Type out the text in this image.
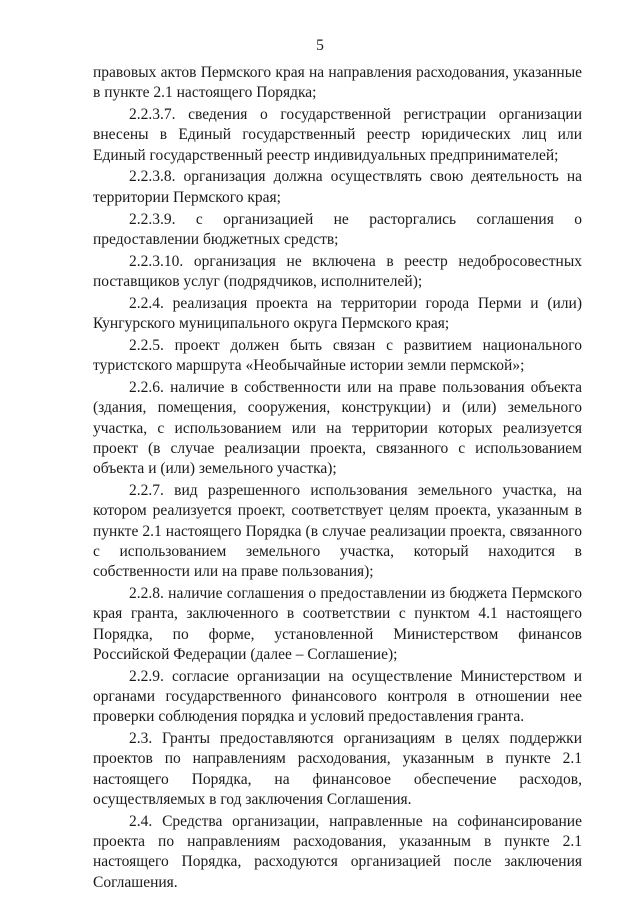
5

правовых актов Пермского края на направления расходования, указанные в пункте 2.1 настоящего Порядка;

2.2.3.7. сведения о государственной регистрации организации внесены в Единый государственный реестр юридических лиц или Единый государственный реестр индивидуальных предпринимателей;

2.2.3.8. организация должна осуществлять свою деятельность на территории Пермского края;

2.2.3.9. с организацией не расторгались соглашения о предоставлении бюджетных средств;

2.2.3.10. организация не включена в реестр недобросовестных поставщиков услуг (подрядчиков, исполнителей);

2.2.4. реализация проекта на территории города Перми и (или) Кунгурского муниципального округа Пермского края;

2.2.5. проект должен быть связан с развитием национального туристского маршрута «Необычайные истории земли пермской»;

2.2.6. наличие в собственности или на праве пользования объекта (здания, помещения, сооружения, конструкции) и (или) земельного участка, с использованием или на территории которых реализуется проект (в случае реализации проекта, связанного с использованием объекта и (или) земельного участка);

2.2.7. вид разрешенного использования земельного участка, на котором реализуется проект, соответствует целям проекта, указанным в пункте 2.1 настоящего Порядка (в случае реализации проекта, связанного с использованием земельного участка, который находится в собственности или на праве пользования);

2.2.8. наличие соглашения о предоставлении из бюджета Пермского края гранта, заключенного в соответствии с пунктом 4.1 настоящего Порядка, по форме, установленной Министерством финансов Российской Федерации (далее – Соглашение);

2.2.9. согласие организации на осуществление Министерством и органами государственного финансового контроля в отношении нее проверки соблюдения порядка и условий предоставления гранта.

2.3. Гранты предоставляются организациям в целях поддержки проектов по направлениям расходования, указанным в пункте 2.1 настоящего Порядка, на финансовое обеспечение расходов, осуществляемых в год заключения Соглашения.

2.4. Средства организации, направленные на софинансирование проекта по направлениям расходования, указанным в пункте 2.1 настоящего Порядка, расходуются организацией после заключения Соглашения.
